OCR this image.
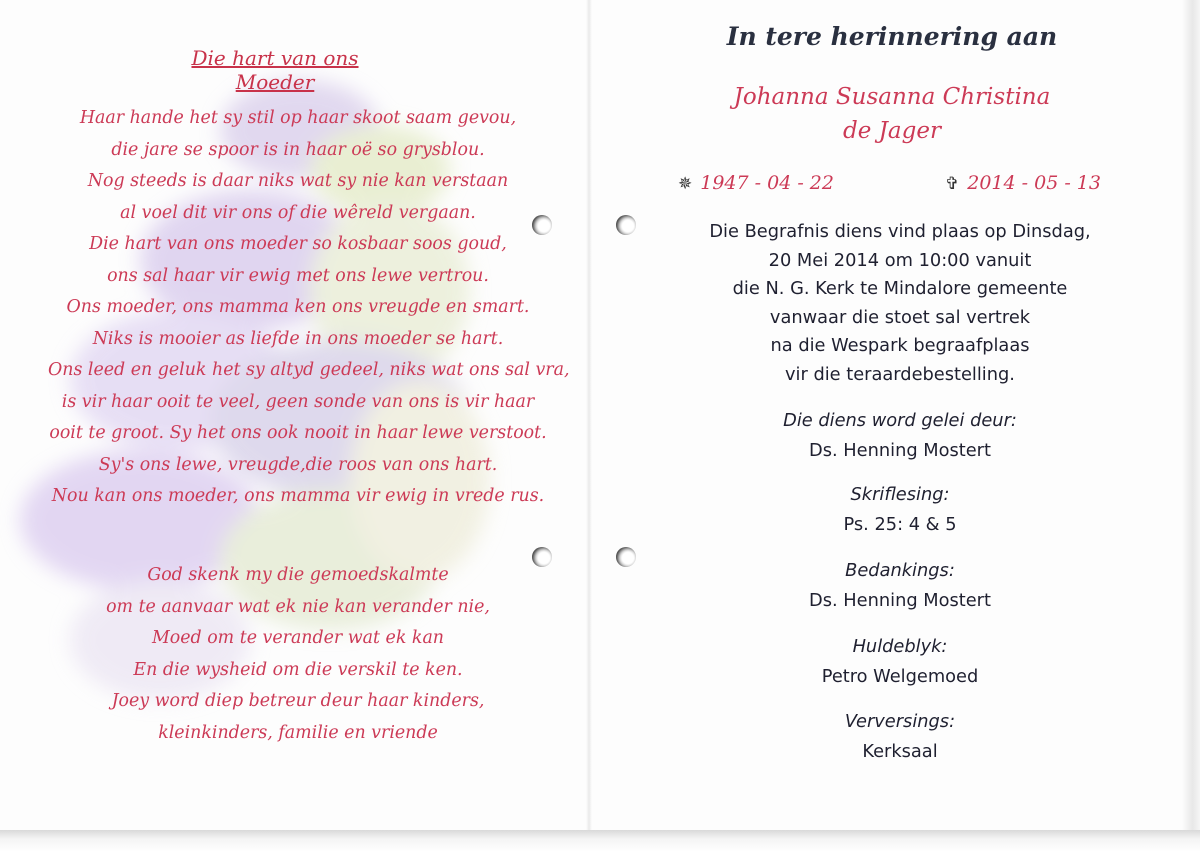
Die hart van ons Moeder
Haar hande het sy stil op haar skoot saam gevou,
die jare se spoor is in haar oë so grysblou.
Nog steeds is daar niks wat sy nie kan verstaan
al voel dit vir ons of die wêreld vergaan.
Die hart van ons moeder so kosbaar soos goud,
ons sal haar vir ewig met ons lewe vertrou.
Ons moeder, ons mamma ken ons vreugde en smart.
Niks is mooier as liefde in ons moeder se hart.
Ons leed en geluk het sy altyd gedeel, niks wat ons sal vra,
is vir haar ooit te veel, geen sonde van ons is vir haar
ooit te groot. Sy het ons ook nooit in haar lewe verstoot.
Sy's ons lewe, vreugde,die roos van ons hart.
Nou kan ons moeder, ons mamma vir ewig in vrede rus.
God skenk my die gemoedskalmte
om te aanvaar wat ek nie kan verander nie,
Moed om te verander wat ek kan
En die wysheid om die verskil te ken.
Joey word diep betreur deur haar kinders,
kleinkinders, familie en vriende
In tere herinnering aan
Johanna Susanna Christina
de Jager
✵ 1947 - 04 - 22	✞ 2014 - 05 - 13
Die Begrafnis diens vind plaas op Dinsdag,
20 Mei 2014 om 10:00 vanuit
die N. G. Kerk te Mindalore gemeente
vanwaar die stoet sal vertrek
na die Wespark begraafplaas
vir die teraardebestelling.
Die diens word gelei deur:
Ds. Henning Mostert
Skriflesing:
Ps. 25: 4 & 5
Bedankings:
Ds. Henning Mostert
Huldeblyk:
Petro Welgemoed
Verversings:
Kerksaal
